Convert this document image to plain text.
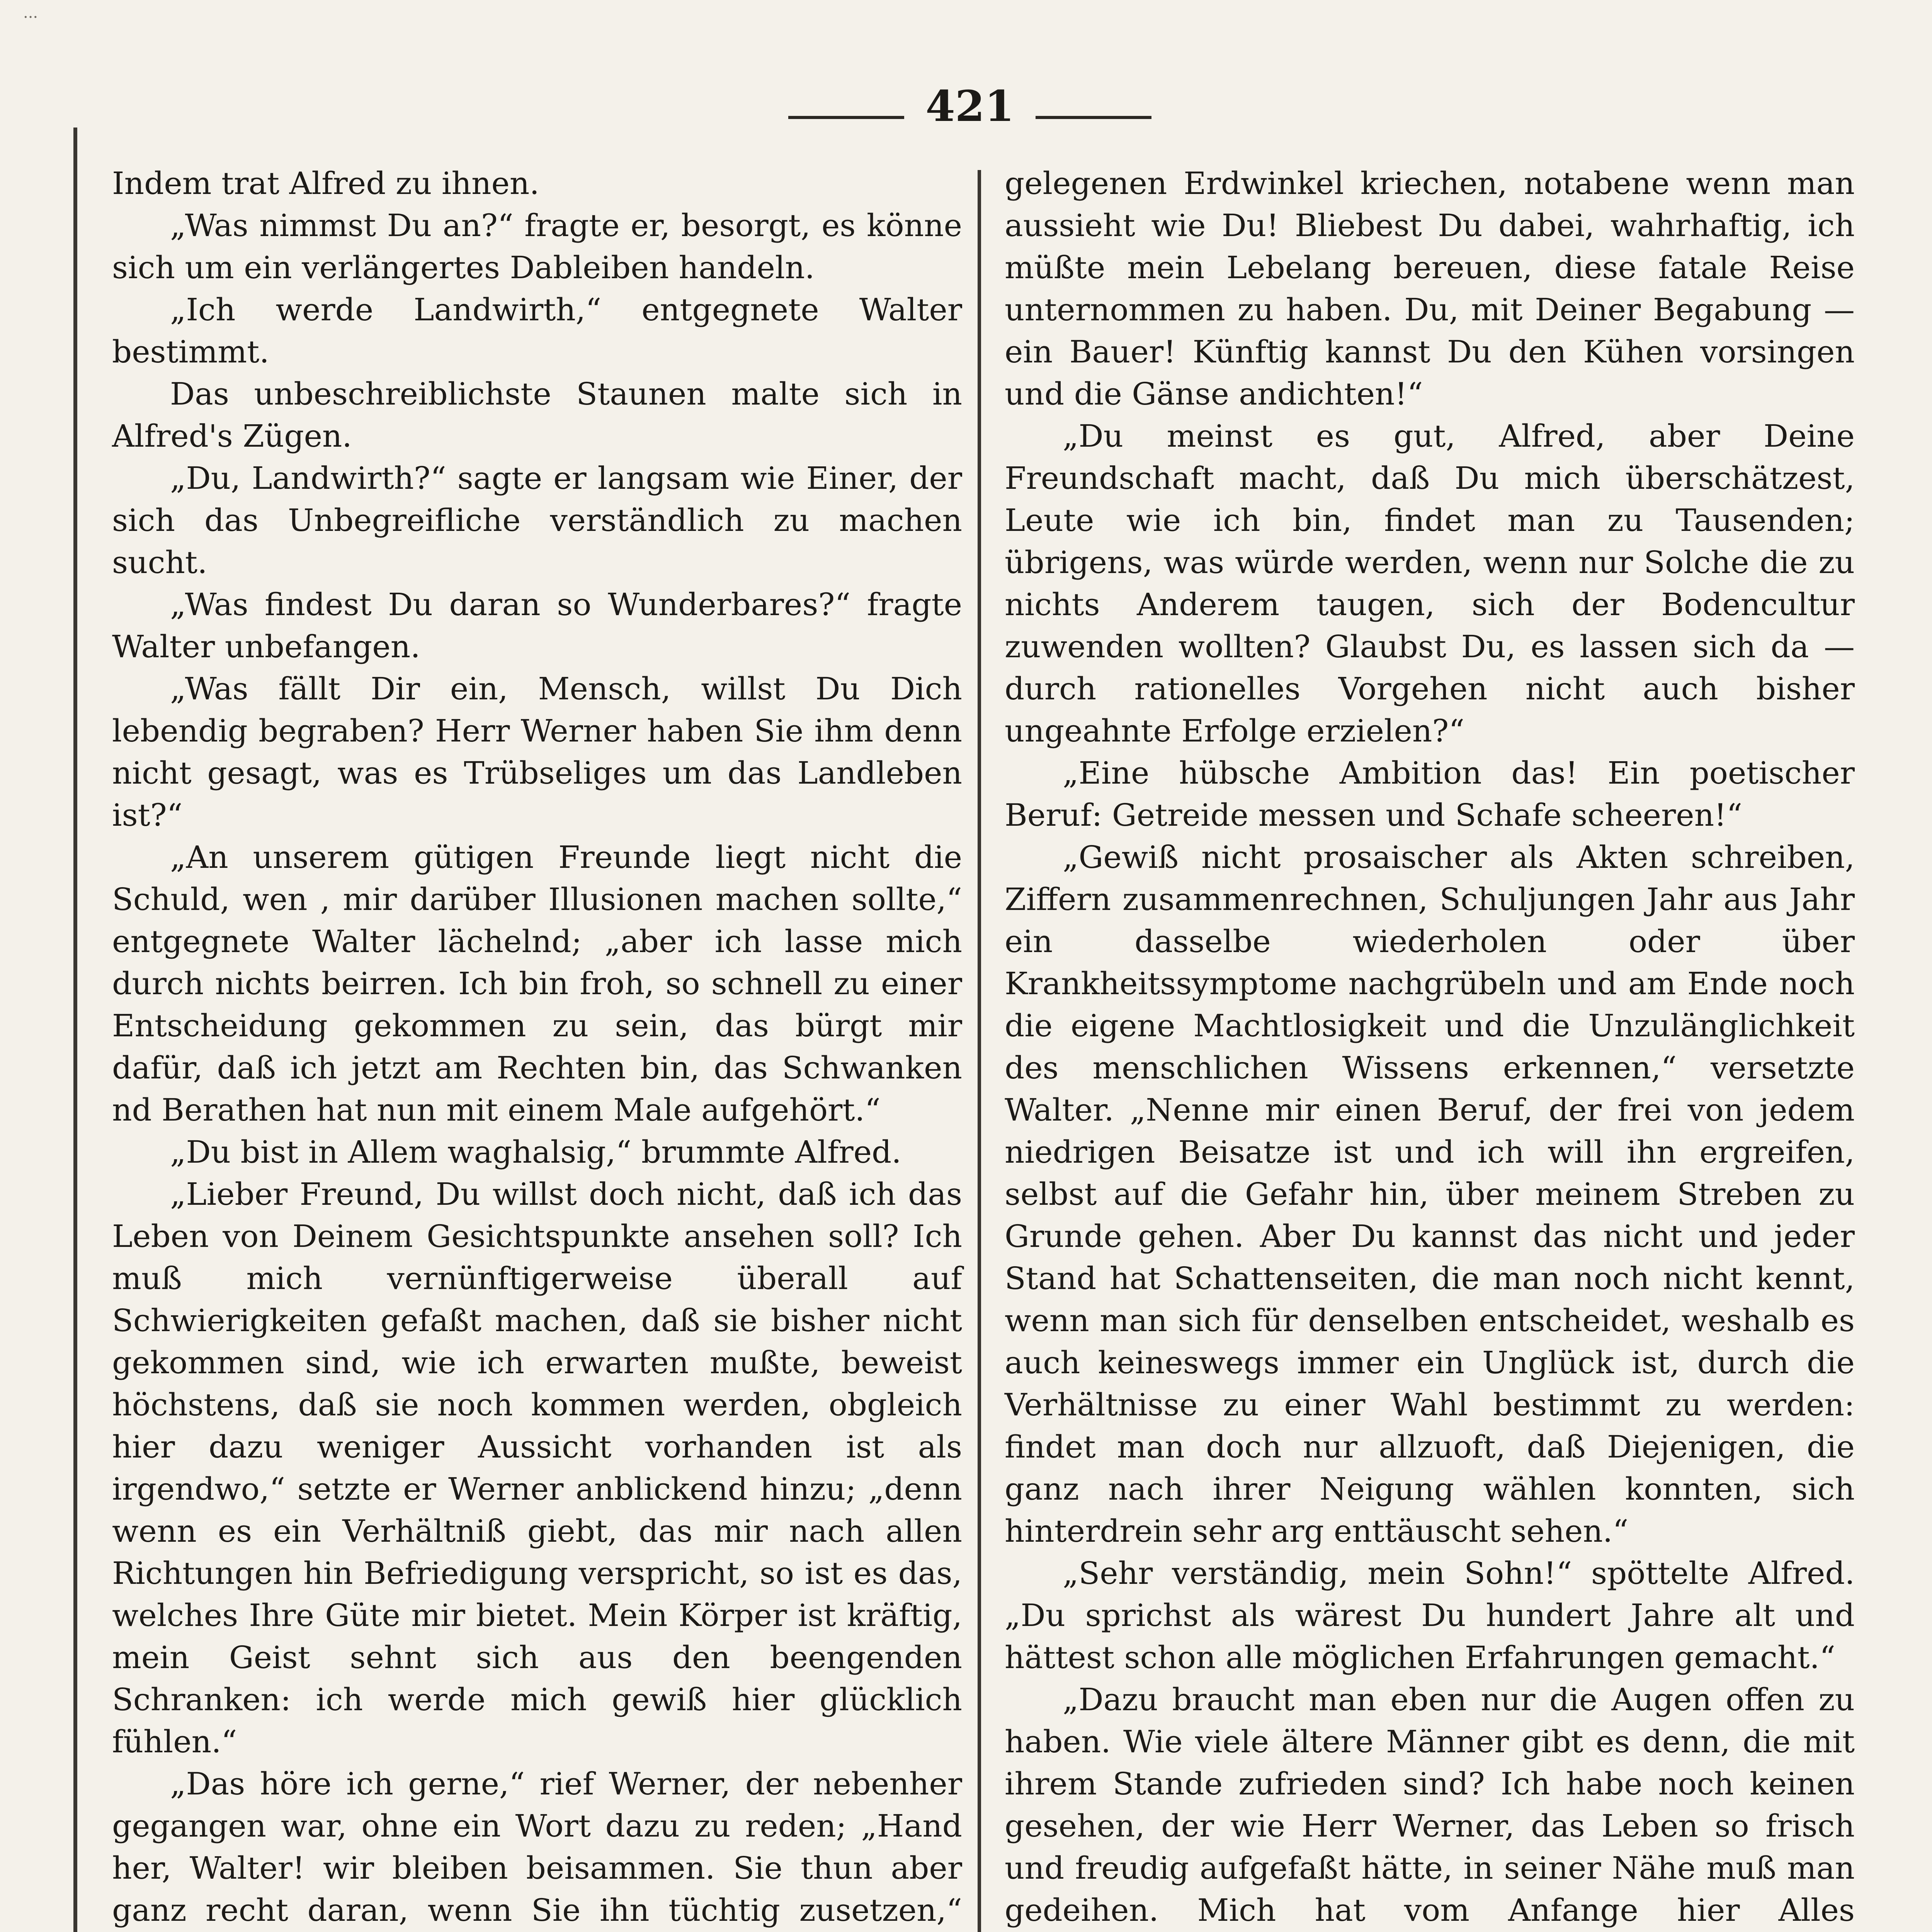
...
421

Indem trat Alfred zu ihnen.

„Was nimmst Du an?“ fragte er, besorgt, es könne sich um ein verlängertes Dableiben handeln.

„Ich werde Landwirth,“ entgegnete Walter bestimmt.

Das unbeschreiblichste Staunen malte sich in Alfred's Zügen.

„Du, Landwirth?“ sagte er langsam wie Einer, der sich das Unbegreifliche verständlich zu machen sucht.

„Was findest Du daran so Wunderbares?“ fragte Walter unbefangen.

„Was fällt Dir ein, Mensch, willst Du Dich lebendig begraben? Herr Werner haben Sie ihm denn nicht gesagt, was es Trübseliges um das Landleben ist?“

„An unserem gütigen Freunde liegt nicht die Schuld, wen , mir darüber Illusionen machen sollte,“ entgegnete Walter lächelnd; „aber ich lasse mich durch nichts beirren. Ich bin froh, so schnell zu einer Entscheidung gekommen zu sein, das bürgt mir dafür, daß ich jetzt am Rechten bin, das Schwanken nd Berathen hat nun mit einem Male aufgehört.“

„Du bist in Allem waghalsig,“ brummte Alfred.

„Lieber Freund, Du willst doch nicht, daß ich das Leben von Deinem Gesichtspunkte ansehen soll? Ich muß mich vernünftigerweise überall auf Schwierigkeiten gefaßt machen, daß sie bisher nicht gekommen sind, wie ich erwarten mußte, beweist höchstens, daß sie noch kommen werden, obgleich hier dazu weniger Aussicht vorhanden ist als irgendwo,“ setzte er Werner anblickend hinzu; „denn wenn es ein Verhältniß giebt, das mir nach allen Richtungen hin Befriedigung verspricht, so ist es das, welches Ihre Güte mir bietet. Mein Körper ist kräftig, mein Geist sehnt sich aus den beengenden Schranken: ich werde mich gewiß hier glücklich fühlen.“

„Das höre ich gerne,“ rief Werner, der nebenher gegangen war, ohne ein Wort dazu zu reden; „Hand her, Walter! wir bleiben beisammen. Sie thun aber ganz recht daran, wenn Sie ihn tüchtig zusetzen,“

gelegenen Erdwinkel kriechen, notabene wenn man aussieht wie Du! Bliebest Du dabei, wahrhaftig, ich müßte mein Lebelang bereuen, diese fatale Reise unternommen zu haben. Du, mit Deiner Begabung — ein Bauer! Künftig kannst Du den Kühen vorsingen und die Gänse andichten!“

„Du meinst es gut, Alfred, aber Deine Freundschaft macht, daß Du mich überschätzest, Leute wie ich bin, findet man zu Tausenden; übrigens, was würde werden, wenn nur Solche die zu nichts Anderem taugen, sich der Bodencultur zuwenden wollten? Glaubst Du, es lassen sich da — durch rationelles Vorgehen nicht auch bisher ungeahnte Erfolge erzielen?“

„Eine hübsche Ambition das! Ein poetischer Beruf: Getreide messen und Schafe scheeren!“

„Gewiß nicht prosaischer als Akten schreiben, Ziffern zusammenrechnen, Schuljungen Jahr aus Jahr ein dasselbe wiederholen oder über Krankheitssymptome nachgrübeln und am Ende noch die eigene Machtlosigkeit und die Unzulänglichkeit des menschlichen Wissens erkennen,“ versetzte Walter. „Nenne mir einen Beruf, der frei von jedem niedrigen Beisatze ist und ich will ihn ergreifen, selbst auf die Gefahr hin, über meinem Streben zu Grunde gehen. Aber Du kannst das nicht und jeder Stand hat Schattenseiten, die man noch nicht kennt, wenn man sich für denselben entscheidet, weshalb es auch keineswegs immer ein Unglück ist, durch die Verhältnisse zu einer Wahl bestimmt zu werden: findet man doch nur allzuoft, daß Diejenigen, die ganz nach ihrer Neigung wählen konnten, sich hinterdrein sehr arg enttäuscht sehen.“

„Sehr verständig, mein Sohn!“ spöttelte Alfred. „Du sprichst als wärest Du hundert Jahre alt und hättest schon alle möglichen Erfahrungen gemacht.“

„Dazu braucht man eben nur die Augen offen zu haben. Wie viele ältere Männer gibt es denn, die mit ihrem Stande zufrieden sind? Ich habe noch keinen gesehen, der wie Herr Werner, das Leben so frisch und freudig aufgefaßt hätte, in seiner Nähe muß man gedeihen. Mich hat vom Anfange hier Alles
